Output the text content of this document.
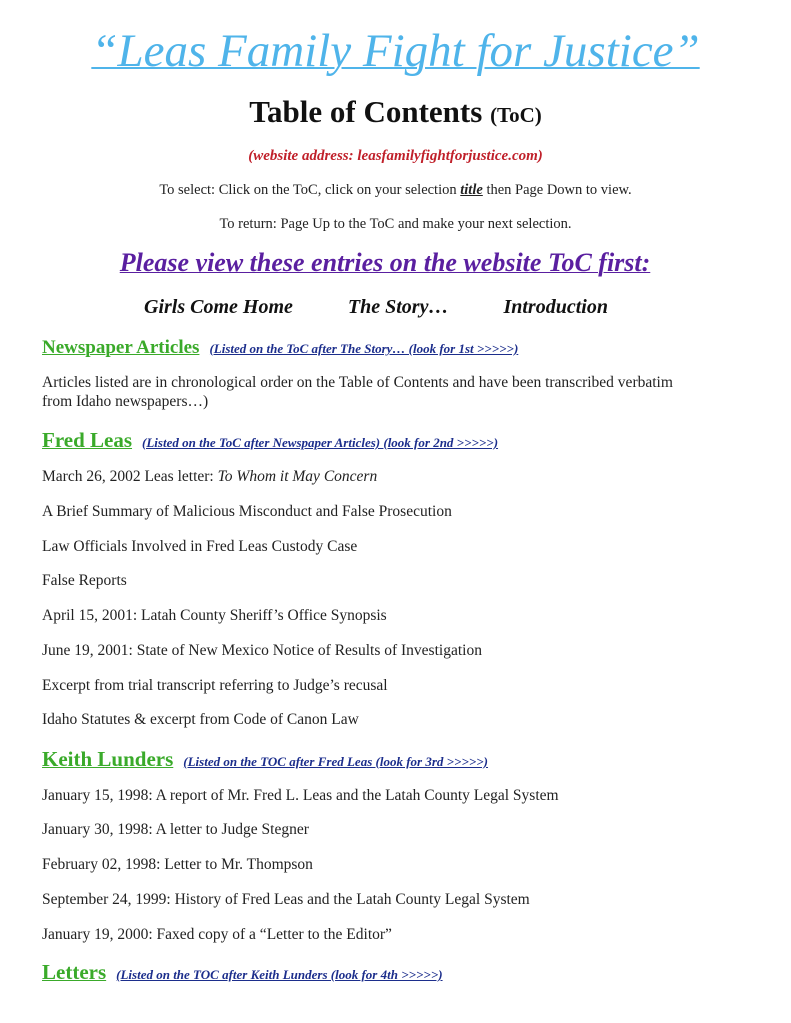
“Leas Family Fight for Justice”
Table of Contents (ToC)
(website address: leasfamilyfightforjustice.com)
To select: Click on the ToC, click on your selection title then Page Down to view.
To return: Page Up to the ToC and make your next selection.
Please view these entries on the website ToC first:
Girls Come Home	The Story…	Introduction
Newspaper Articles (Listed on the ToC after The Story… (look for 1st >>>>>)
Articles listed are in chronological order on the Table of Contents and have been transcribed verbatim
from Idaho newspapers…)
Fred Leas (Listed on the ToC after Newspaper Articles) (look for 2nd >>>>>)
March 26, 2002 Leas letter: To Whom it May Concern
A Brief Summary of Malicious Misconduct and False Prosecution
Law Officials Involved in Fred Leas Custody Case
False Reports
April 15, 2001: Latah County Sheriff’s Office Synopsis
June 19, 2001: State of New Mexico Notice of Results of Investigation
Excerpt from trial transcript referring to Judge’s recusal
Idaho Statutes & excerpt from Code of Canon Law
Keith Lunders (Listed on the TOC after Fred Leas (look for 3rd >>>>>)
January 15, 1998: A report of Mr. Fred L. Leas and the Latah County Legal System
January 30, 1998: A letter to Judge Stegner
February 02, 1998: Letter to Mr. Thompson
September 24, 1999: History of Fred Leas and the Latah County Legal System
January 19, 2000: Faxed copy of a “Letter to the Editor”
Letters (Listed on the TOC after Keith Lunders (look for 4th >>>>>)
